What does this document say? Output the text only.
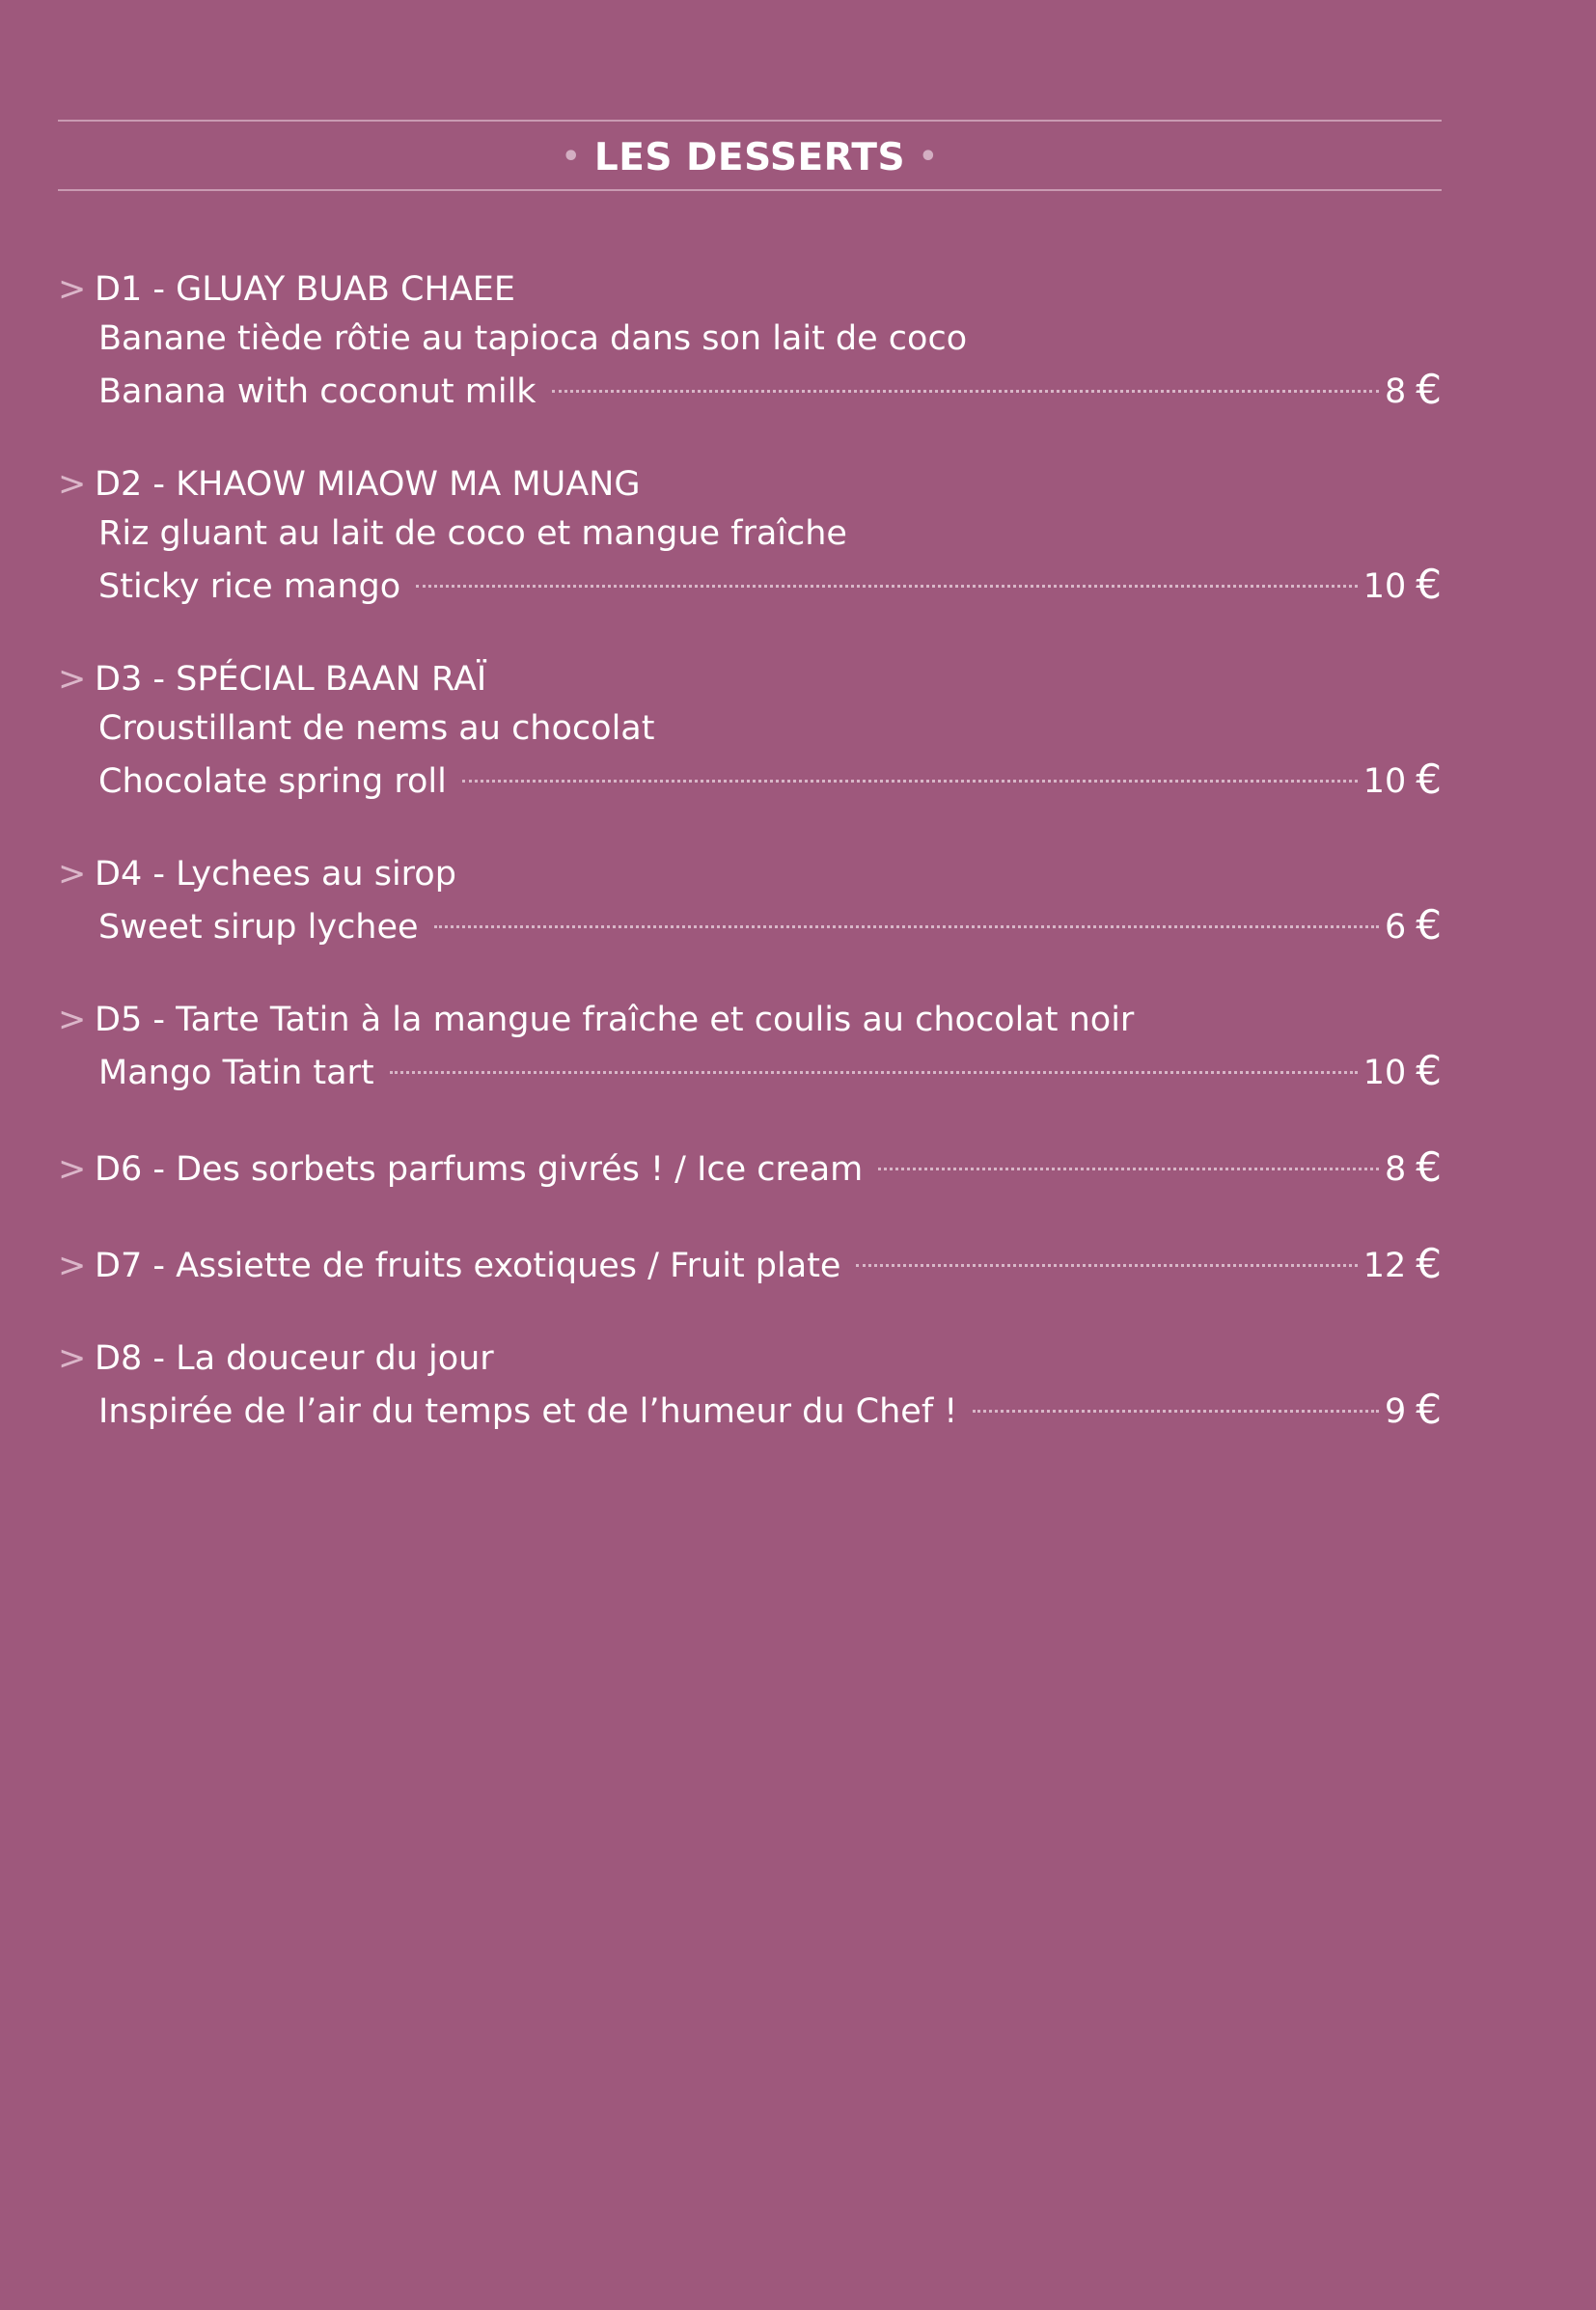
• LES DESSERTS •
> D1 - GLUAY BUAB CHAEE
Banane tiède rôtie au tapioca dans son lait de coco
Banana with coconut milk	8 €
> D2 - KHAOW MIAOW MA MUANG
Riz gluant au lait de coco et mangue fraîche
Sticky rice mango	10 €
> D3 - SPÉCIAL BAAN RAÏ
Croustillant de nems au chocolat
Chocolate spring roll	10 €
> D4 - Lychees au sirop
Sweet sirup lychee	6 €
> D5 - Tarte Tatin à la mangue fraîche et coulis au chocolat noir
Mango Tatin tart	10 €
> D6 - Des sorbets parfums givrés ! / Ice cream	8 €
> D7 - Assiette de fruits exotiques / Fruit plate	12 €
> D8 - La douceur du jour
Inspirée de l’air du temps et de l’humeur du Chef !	9 €
